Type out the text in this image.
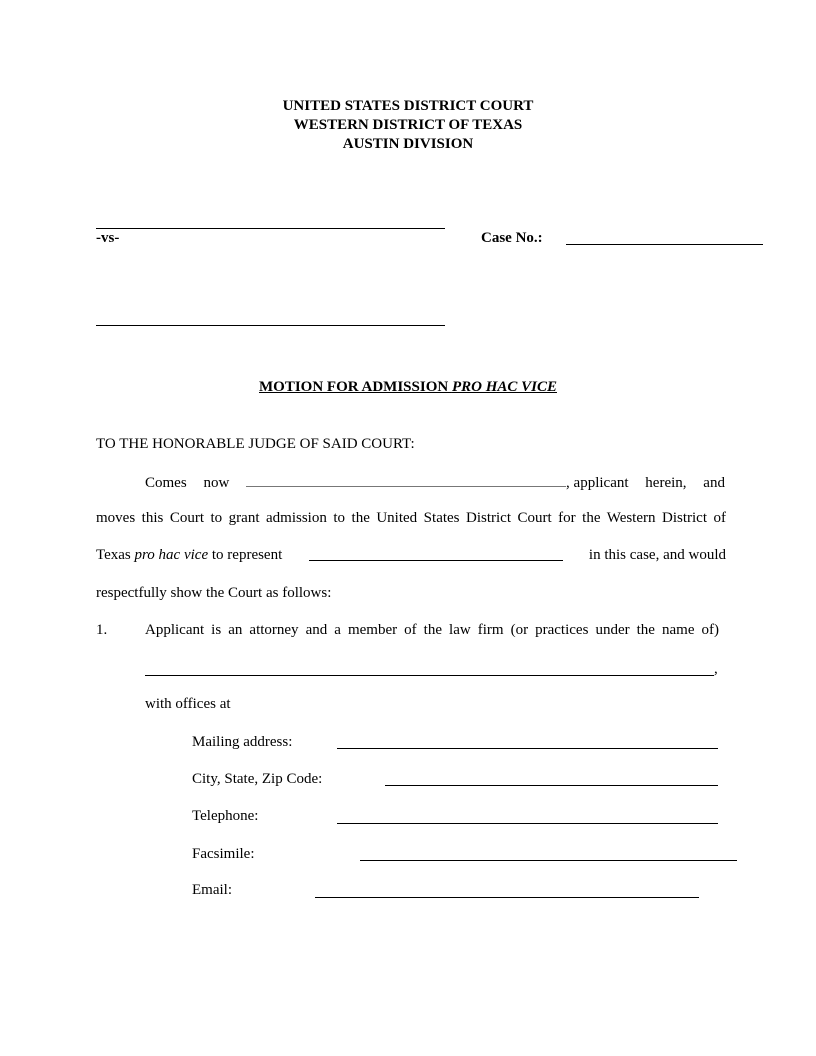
UNITED STATES DISTRICT COURT
WESTERN DISTRICT OF TEXAS
AUSTIN DIVISION
-vs-	Case No.:
MOTION FOR ADMISSION PRO HAC VICE
TO THE HONORABLE JUDGE OF SAID COURT:
Comes now	, applicant herein, and
moves this Court to grant admission to the United States District Court for the Western District of
Texas pro hac vice to represent	in this case, and would
respectfully show the Court as follows:
1.	Applicant is an attorney and a member of the law firm (or practices under the name of)
,
with offices at
Mailing address:
City, State, Zip Code:
Telephone:
Facsimile:
Email:
